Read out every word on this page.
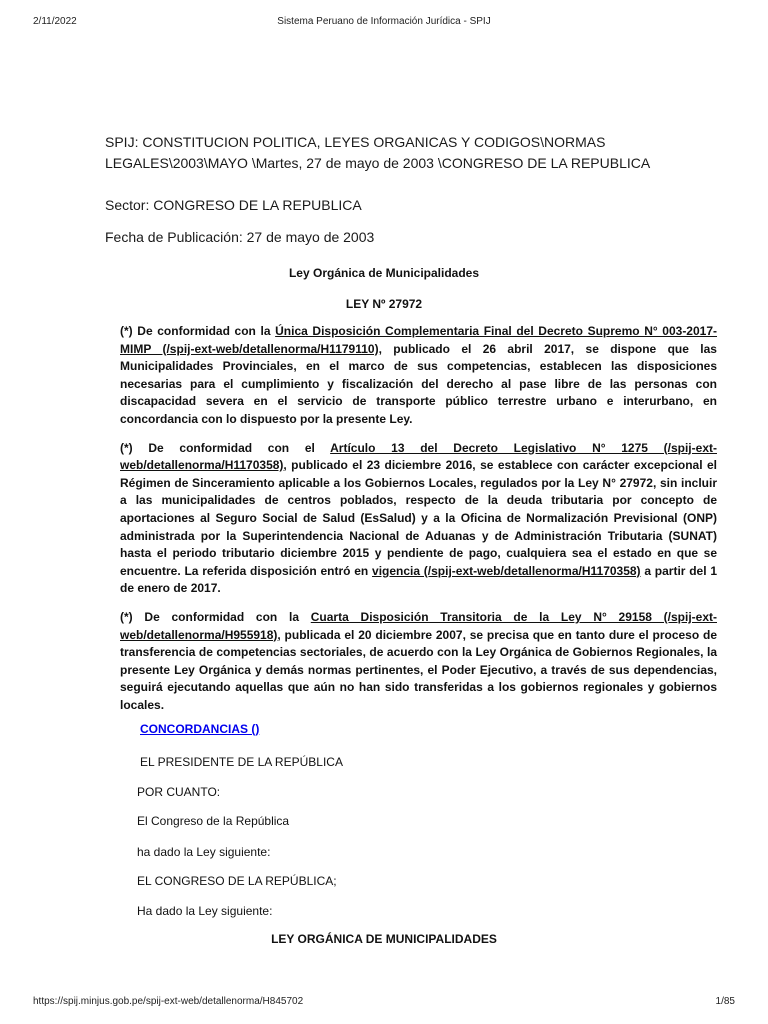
2/11/2022	Sistema Peruano de Información Jurídica - SPIJ

SPIJ: CONSTITUCION POLITICA, LEYES ORGANICAS Y CODIGOS\NORMAS LEGALES\2003\MAYO \Martes, 27 de mayo de 2003 \CONGRESO DE LA REPUBLICA

Sector: CONGRESO DE LA REPUBLICA

Fecha de Publicación: 27 de mayo de 2003

Ley Orgánica de Municipalidades
LEY Nº 27972

(*) De conformidad con la Única Disposición Complementaria Final del Decreto Supremo N° 003-2017-MIMP (/spij-ext-web/detallenorma/H1179110), publicado el 26 abril 2017, se dispone que las Municipalidades Provinciales, en el marco de sus competencias, establecen las disposiciones necesarias para el cumplimiento y fiscalización del derecho al pase libre de las personas con discapacidad severa en el servicio de transporte público terrestre urbano e interurbano, en concordancia con lo dispuesto por la presente Ley.

(*) De conformidad con el Artículo 13 del Decreto Legislativo N° 1275 (/spij-ext-web/detallenorma/H1170358), publicado el 23 diciembre 2016, se establece con carácter excepcional el Régimen de Sinceramiento aplicable a los Gobiernos Locales, regulados por la Ley N° 27972, sin incluir a las municipalidades de centros poblados, respecto de la deuda tributaria por concepto de aportaciones al Seguro Social de Salud (EsSalud) y a la Oficina de Normalización Previsional (ONP) administrada por la Superintendencia Nacional de Aduanas y de Administración Tributaria (SUNAT) hasta el periodo tributario diciembre 2015 y pendiente de pago, cualquiera sea el estado en que se encuentre. La referida disposición entró en vigencia (/spij-ext-web/detallenorma/H1170358) a partir del 1 de enero de 2017.

(*) De conformidad con la Cuarta Disposición Transitoria de la Ley N° 29158 (/spij-ext-web/detallenorma/H955918), publicada el 20 diciembre 2007, se precisa que en tanto dure el proceso de transferencia de competencias sectoriales, de acuerdo con la Ley Orgánica de Gobiernos Regionales, la presente Ley Orgánica y demás normas pertinentes, el Poder Ejecutivo, a través de sus dependencias, seguirá ejecutando aquellas que aún no han sido transferidas a los gobiernos regionales y gobiernos locales.

CONCORDANCIAS ()
EL PRESIDENTE DE LA REPÚBLICA
POR CUANTO:
El Congreso de la República
ha dado la Ley siguiente:
EL CONGRESO DE LA REPÚBLICA;
Ha dado la Ley siguiente:
LEY ORGÁNICA DE MUNICIPALIDADES
https://spij.minjus.gob.pe/spij-ext-web/detallenorma/H845702	1/85
